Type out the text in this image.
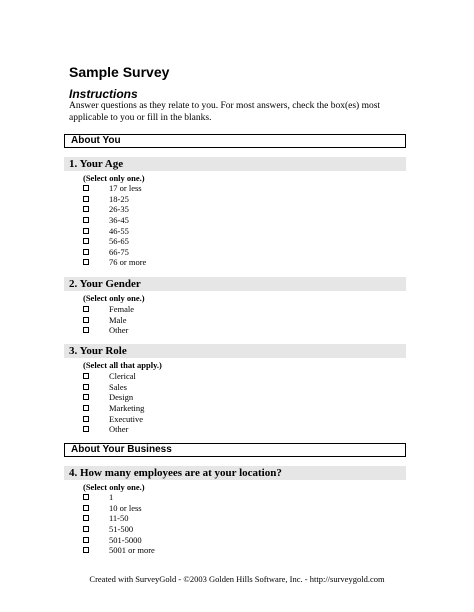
Sample Survey
Instructions
Answer questions as they relate to you. For most answers, check the box(es) most applicable to you or fill in the blanks.
About You
1. Your Age
(Select only one.)
17 or less
18-25
26-35
36-45
46-55
56-65
66-75
76 or more
2. Your Gender
(Select only one.)
Female
Male
Other
3. Your Role
(Select all that apply.)
Clerical
Sales
Design
Marketing
Executive
Other
About Your Business
4. How many employees are at your location?
(Select only one.)
1
10 or less
11-50
51-500
501-5000
5001 or more
Created with SurveyGold - ©2003 Golden Hills Software, Inc. - http://surveygold.com
